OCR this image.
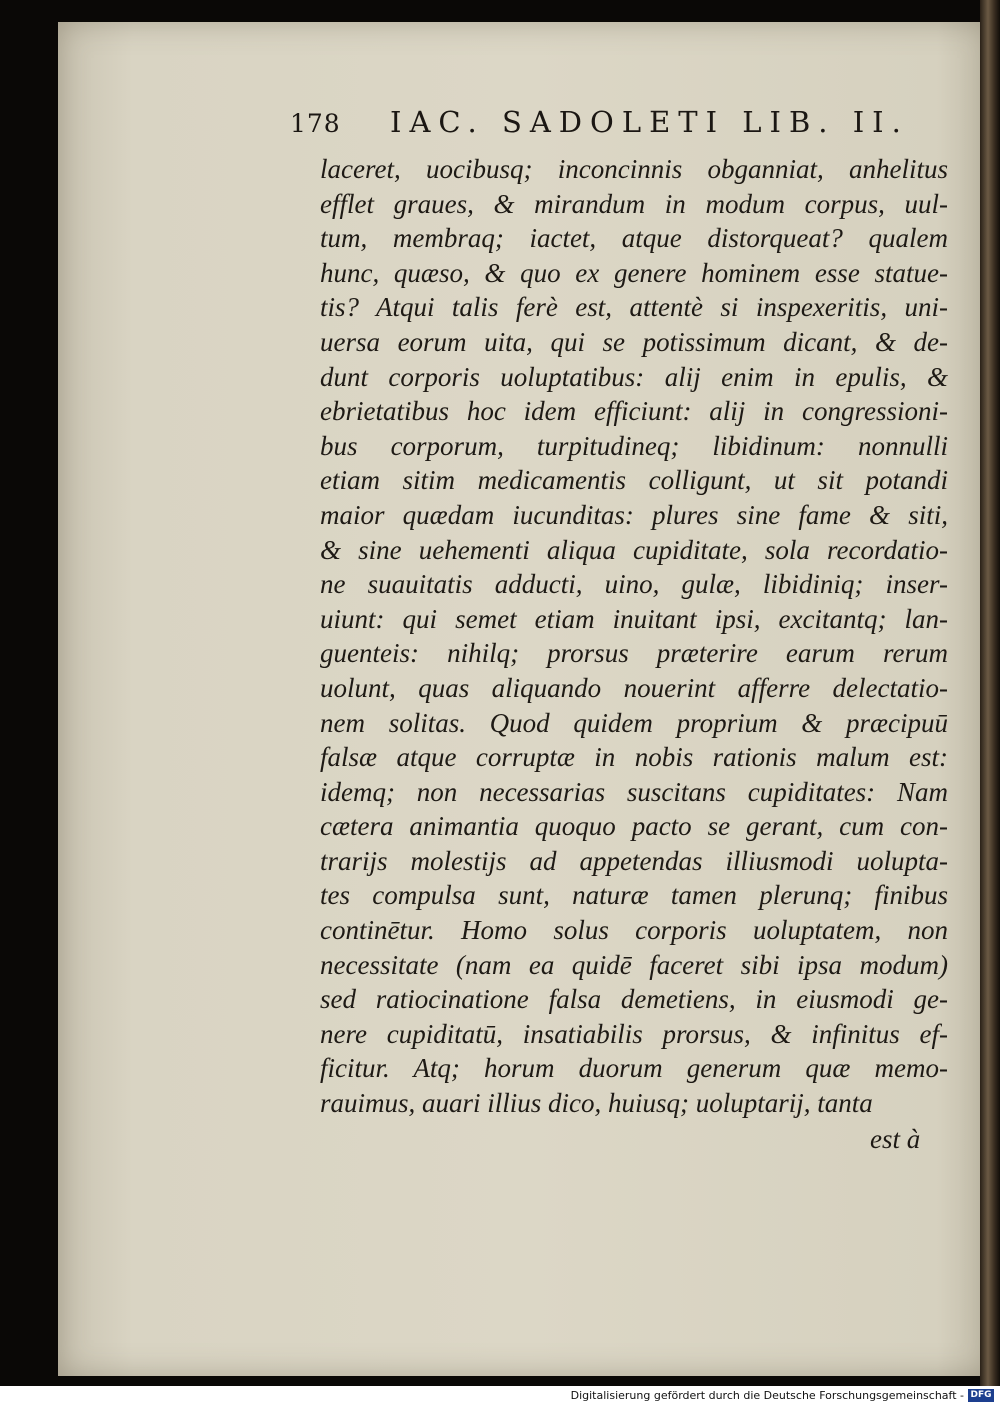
178 IAC. SADOLETI LIB. II.
laceret, uocibusq; inconcinnis obganniat, anhelitus
efflet graues, & mirandum in modum corpus, uul-
tum, membraq; iactet, atque distorqueat? qualem
hunc, quæso, & quo ex genere hominem esse statue-
tis? Atqui talis ferè est, attentè si inspexeritis, uni-
uersa eorum uita, qui se potissimum dicant, & de-
dunt corporis uoluptatibus: alij enim in epulis, &
ebrietatibus hoc idem efficiunt: alij in congressioni-
bus corporum, turpitudineq; libidinum: nonnulli
etiam sitim medicamentis colligunt, ut sit potandi
maior quædam iucunditas: plures sine fame & siti,
& sine uehementi aliqua cupiditate, sola recordatio-
ne suauitatis adducti, uino, gulæ, libidiniq; inser-
uiunt: qui semet etiam inuitant ipsi, excitantq; lan-
guenteis: nihilq; prorsus præterire earum rerum
uolunt, quas aliquando nouerint afferre delectatio-
nem solitas. Quod quidem proprium & præcipuū
falsæ atque corruptæ in nobis rationis malum est:
idemq; non necessarias suscitans cupiditates: Nam
cætera animantia quoquo pacto se gerant, cum con-
trarijs molestijs ad appetendas illiusmodi uolupta-
tes compulsa sunt, naturæ tamen plerunq; finibus
continētur. Homo solus corporis uoluptatem, non
necessitate (nam ea quidē faceret sibi ipsa modum)
sed ratiocinatione falsa demetiens, in eiusmodi ge-
nere cupiditatū, insatiabilis prorsus, & infinitus ef-
ficitur. Atq; horum duorum generum quæ memo-
rauimus, auari illius dico, huiusq; uoluptarij, tanta
est à
Digitalisierung gefördert durch die Deutsche Forschungsgemeinschaft - DFG
